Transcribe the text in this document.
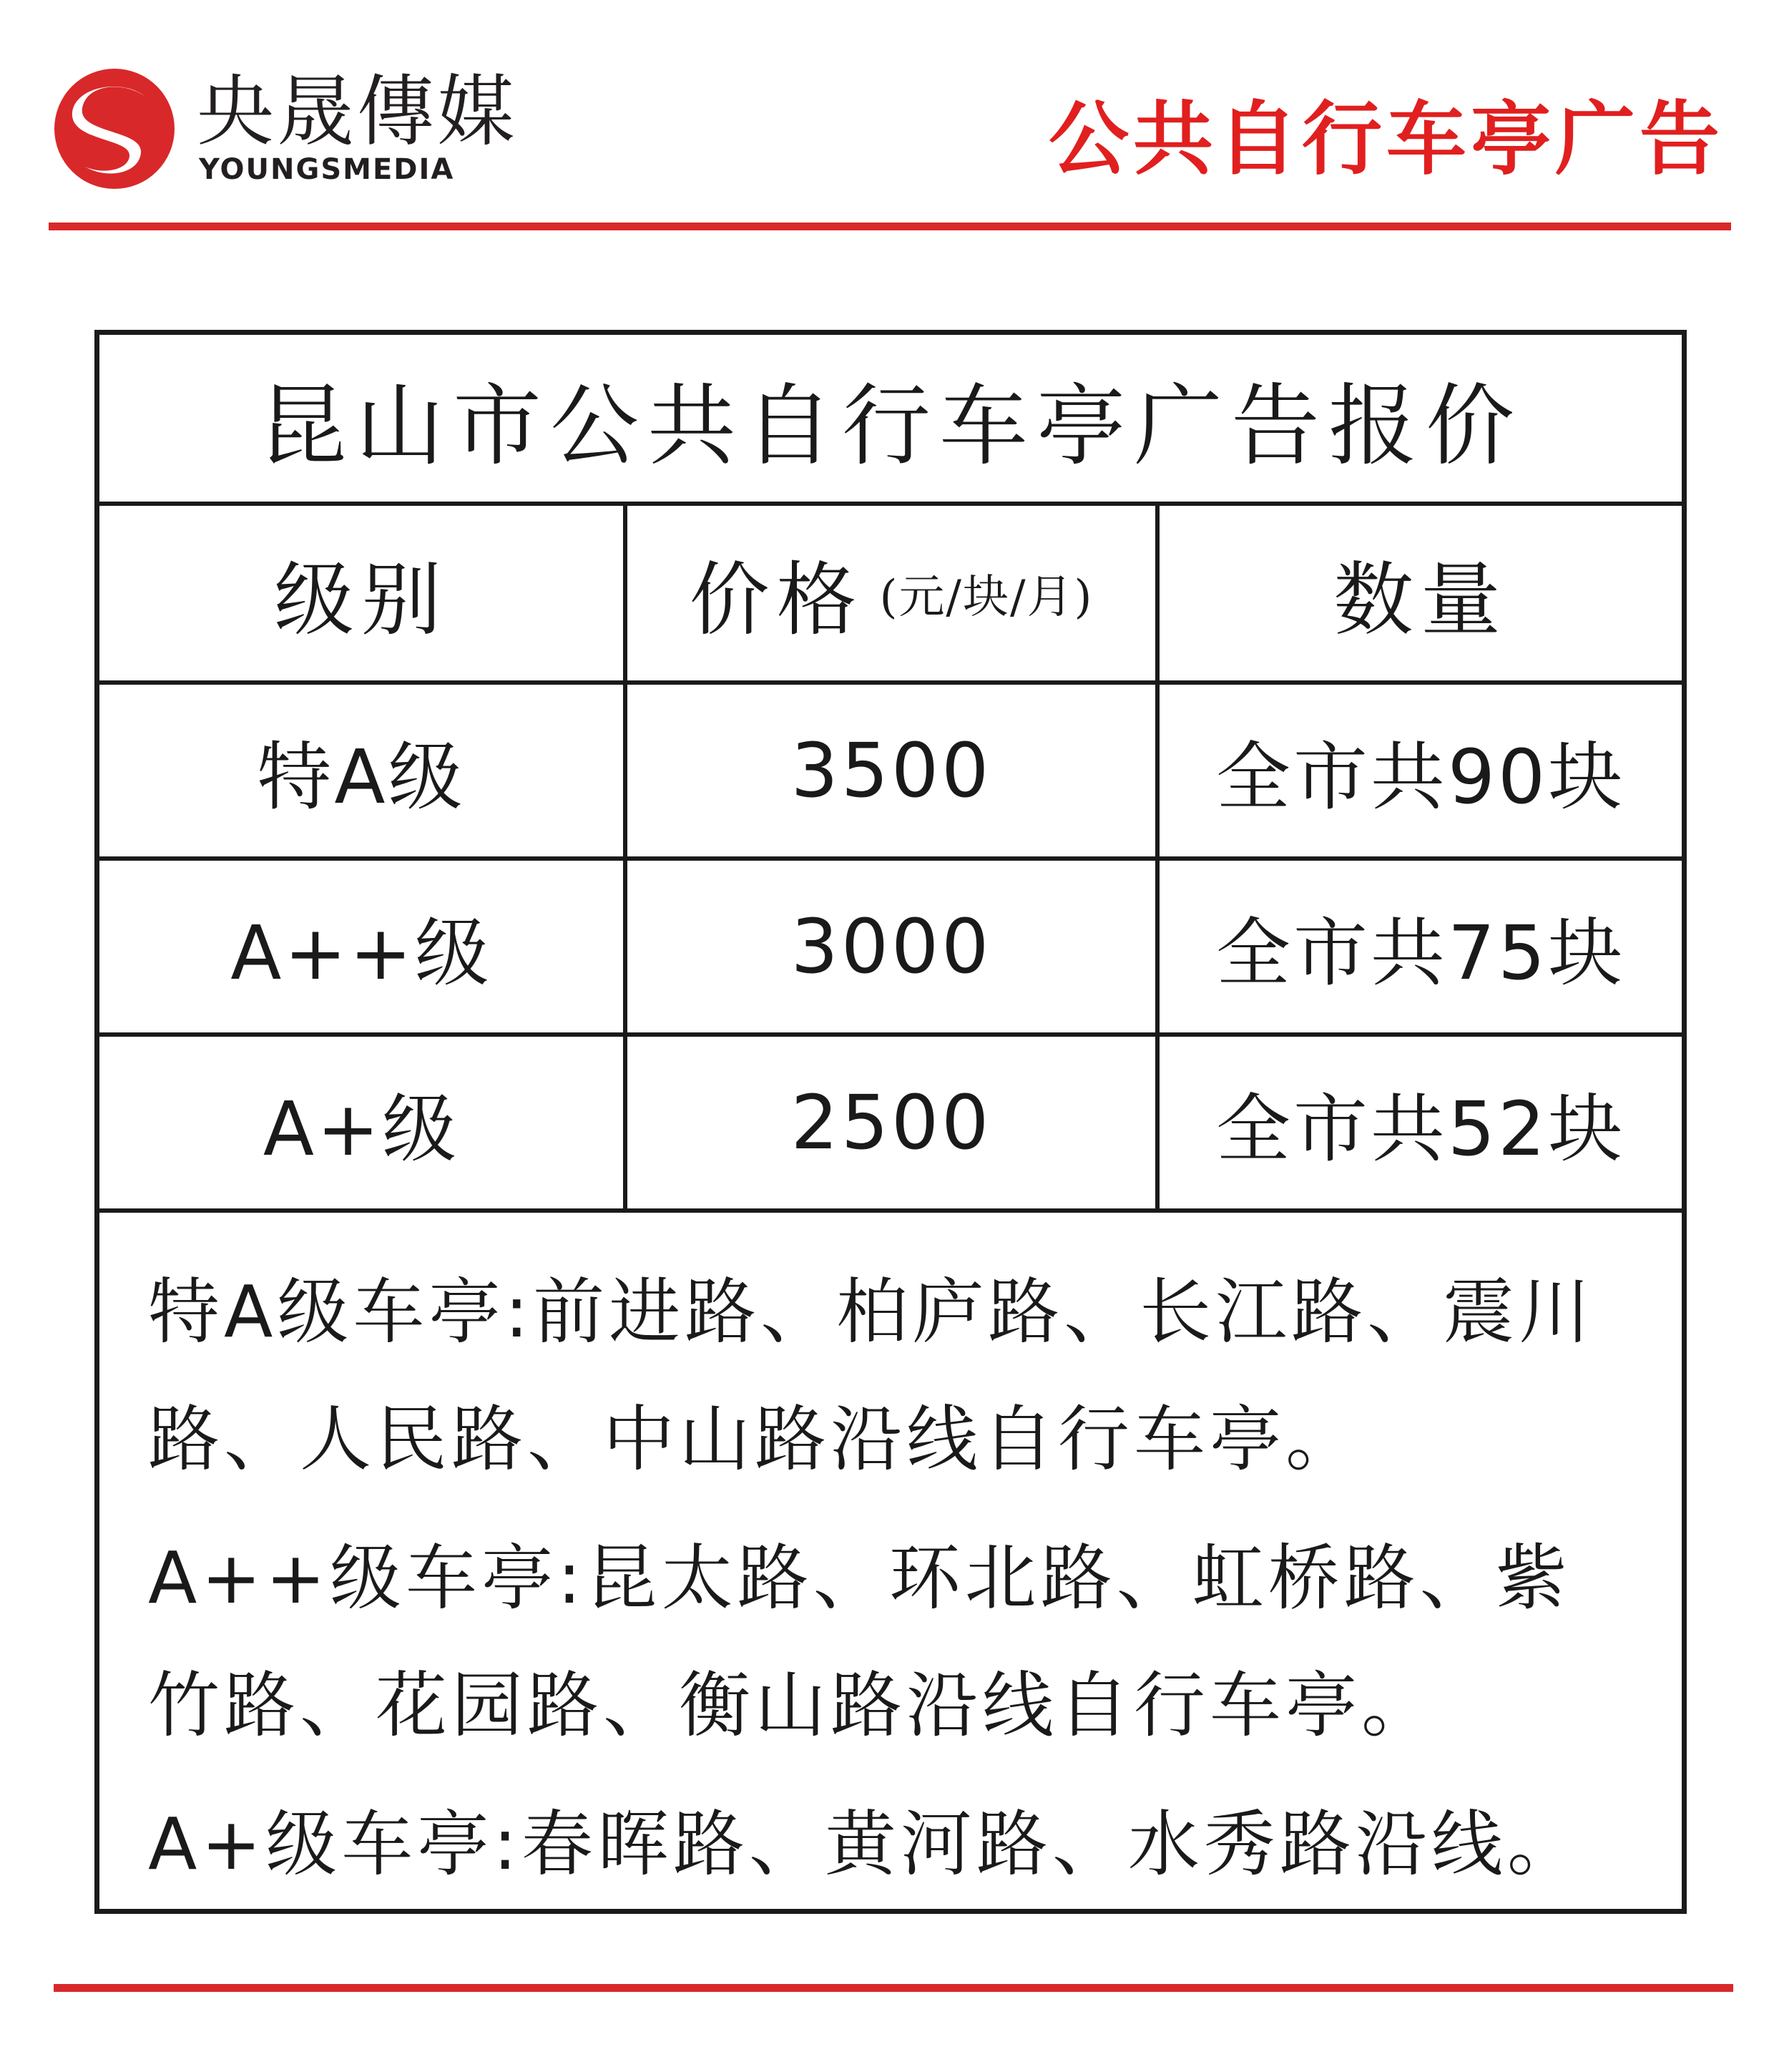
央晟傳媒
YOUNGSMEDIA	公共自行车亭广告
昆山市公共自行车亭广告报价
级别	价格 (元/块/月)	数量
特A级	3500	全市共90块
A++级	3000	全市共75块
A+级	2500	全市共52块
特A级车亭:前进路、柏庐路、长江路、震川路、人民路、中山路沿线自行车亭。
A++级车亭:昆太路、环北路、虹桥路、紫竹路、花园路、衡山路沿线自行车亭。
A+级车亭:春晖路、黄河路、水秀路沿线。
